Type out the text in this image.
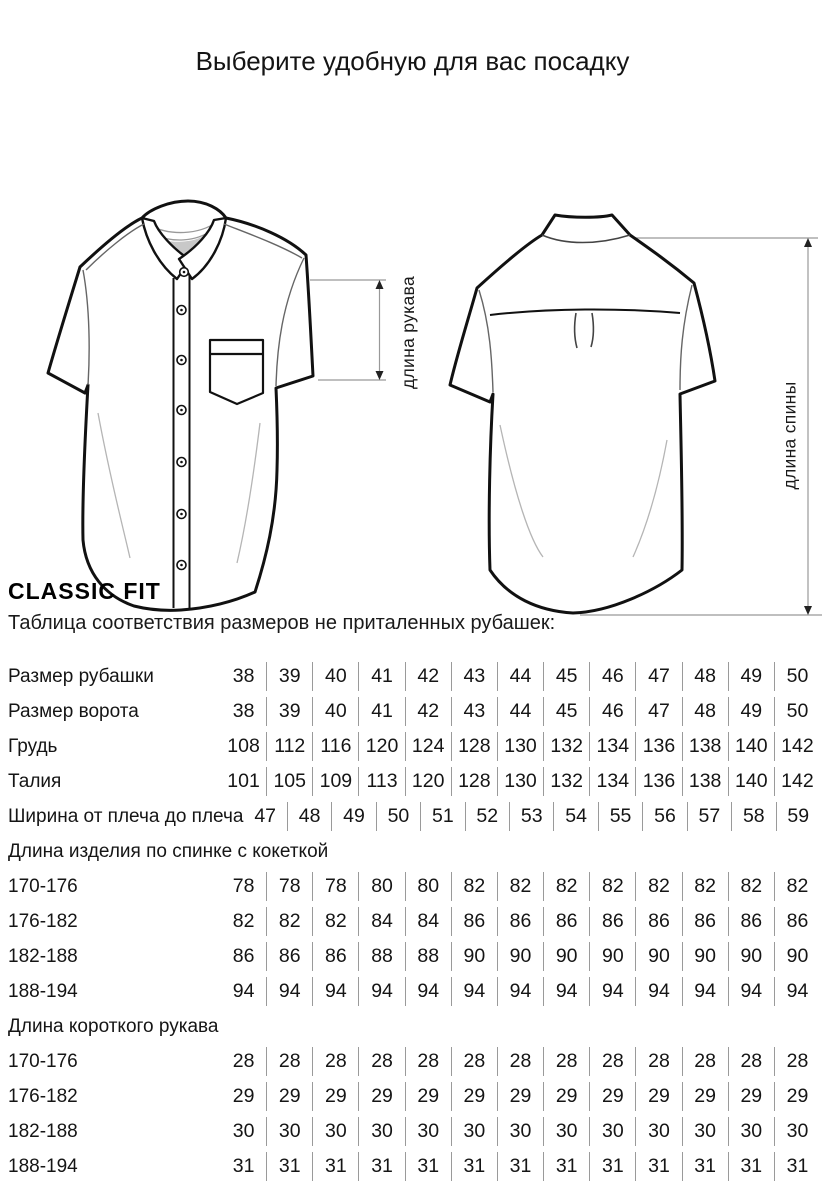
Выберите удобную для вас посадку
длина рукава
длина спины
CLASSIC FIT

Таблица соответствия размеров не приталенных рубашек:

Размер рубашки	38	39	40	41	42	43	44	45	46	47	48	49	50
Размер ворота	38	39	40	41	42	43	44	45	46	47	48	49	50
Грудь	108 112 116 120 124 128 130 132 134 136 138 140 142
Талия	101 105 109 113 120 128 130 132 134 136 138 140 142
Ширина от плеча до плеча 47	48	49	50	51	52	53	54	55	56	57	58	59
Длина изделия по спинке с кокеткой
170-176	78	78	78	80	80	82	82	82	82	82	82	82	82
176-182	82	82	82	84	84	86	86	86	86	86	86	86	86
182-188	86	86	86	88	88	90	90	90	90	90	90	90	90
188-194	94	94	94	94	94	94	94	94	94	94	94	94	94
Длина короткого рукава
170-176	28	28	28	28	28	28	28	28	28	28	28	28	28
176-182	29	29	29	29	29	29	29	29	29	29	29	29	29
182-188	30	30	30	30	30	30	30	30	30	30	30	30	30
188-194	31	31	31	31	31	31	31	31	31	31	31	31	31
